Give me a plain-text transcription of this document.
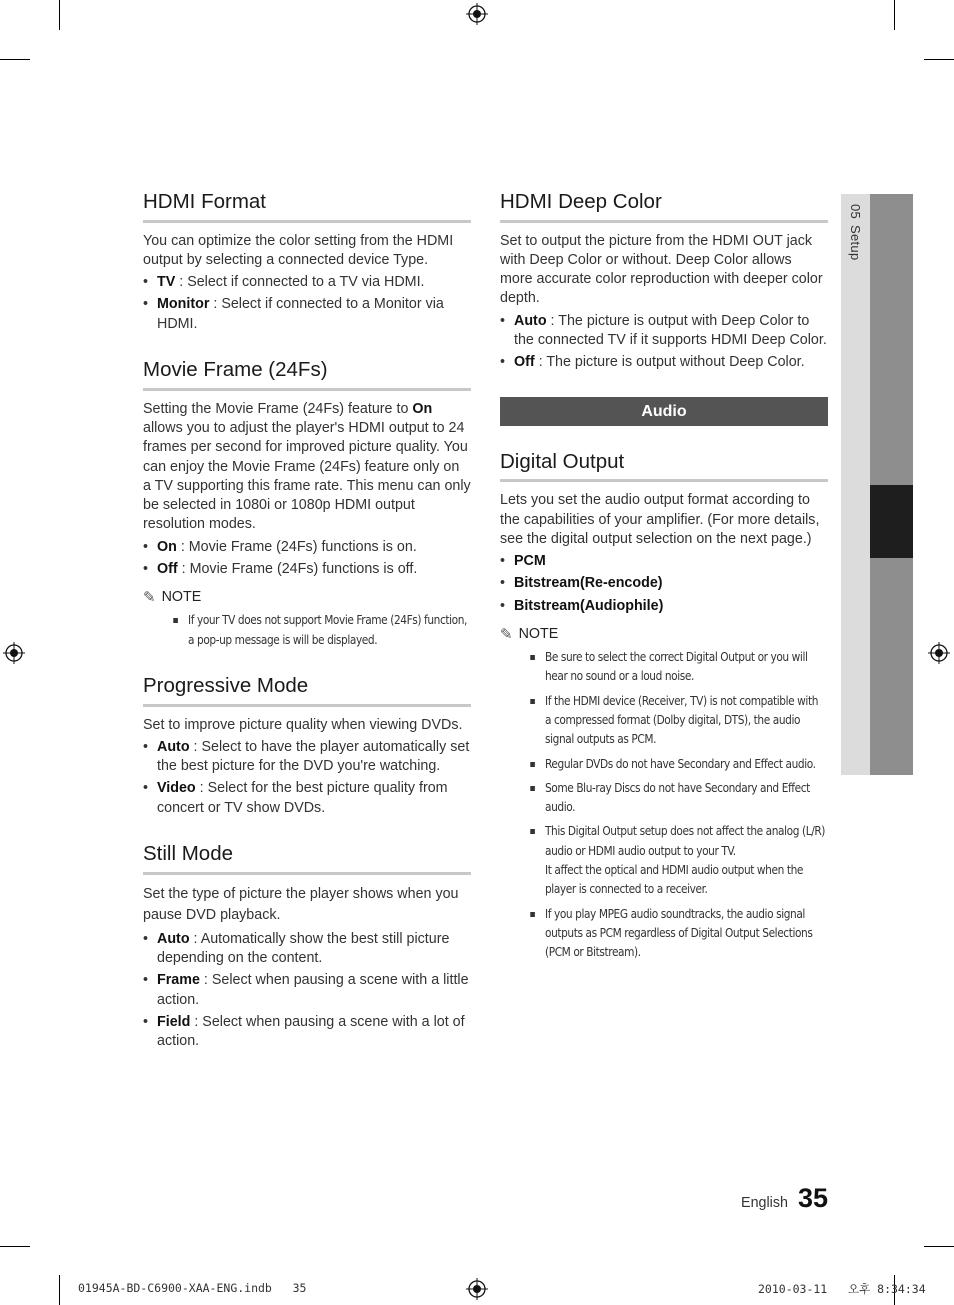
HDMI Format

You can optimize the color setting from the HDMI output by selecting a connected device Type.

• TV : Select if connected to a TV via HDMI.
• Monitor : Select if connected to a Monitor via HDMI.
Movie Frame (24Fs)

Setting the Movie Frame (24Fs) feature to On allows you to adjust the player's HDMI output to 24 frames per second for improved picture quality. You can enjoy the Movie Frame (24Fs) feature only on a TV supporting this frame rate. This menu can only be selected in 1080i or 1080p HDMI output resolution modes.

• On : Movie Frame (24Fs) functions is on.
• Off : Movie Frame (24Fs) functions is off.
✎ NOTE
If your TV does not support Movie Frame (24Fs) function, a pop-up message is will be displayed.
Progressive Mode

Set to improve picture quality when viewing DVDs.

• Auto : Select to have the player automatically set the best picture for the DVD you're watching.
• Video : Select for the best picture quality from concert or TV show DVDs.
Still Mode

Set the type of picture the player shows when you pause DVD playback.

• Auto : Automatically show the best still picture depending on the content.
• Frame : Select when pausing a scene with a little action.
• Field : Select when pausing a scene with a lot of action.
HDMI Deep Color

Set to output the picture from the HDMI OUT jack with Deep Color or without. Deep Color allows more accurate color reproduction with deeper color depth.

• Auto : The picture is output with Deep Color to the connected TV if it supports HDMI Deep Color.
• Off : The picture is output without Deep Color.
Audio
Digital Output

Lets you set the audio output format according to the capabilities of your amplifier. (For more details, see the digital output selection on the next page.)

• PCM
• Bitstream(Re-encode)
• Bitstream(Audiophile)
✎ NOTE
Be sure to select the correct Digital Output or you will hear no sound or a loud noise.
If the HDMI device (Receiver, TV) is not compatible with a compressed format (Dolby digital, DTS), the audio signal outputs as PCM.
Regular DVDs do not have Secondary and Effect audio.
Some Blu-ray Discs do not have Secondary and Effect audio.
This Digital Output setup does not affect the analog (L/R) audio or HDMI audio output to your TV.
It affect the optical and HDMI audio output when the player is connected to a receiver.
If you play MPEG audio soundtracks, the audio signal outputs as PCM regardless of Digital Output Selections (PCM or Bitstream).
05
Setup
English 35
01945A-BD-C6900-XAA-ENG.indb   35	2010-03-11   오후 8:34:34
